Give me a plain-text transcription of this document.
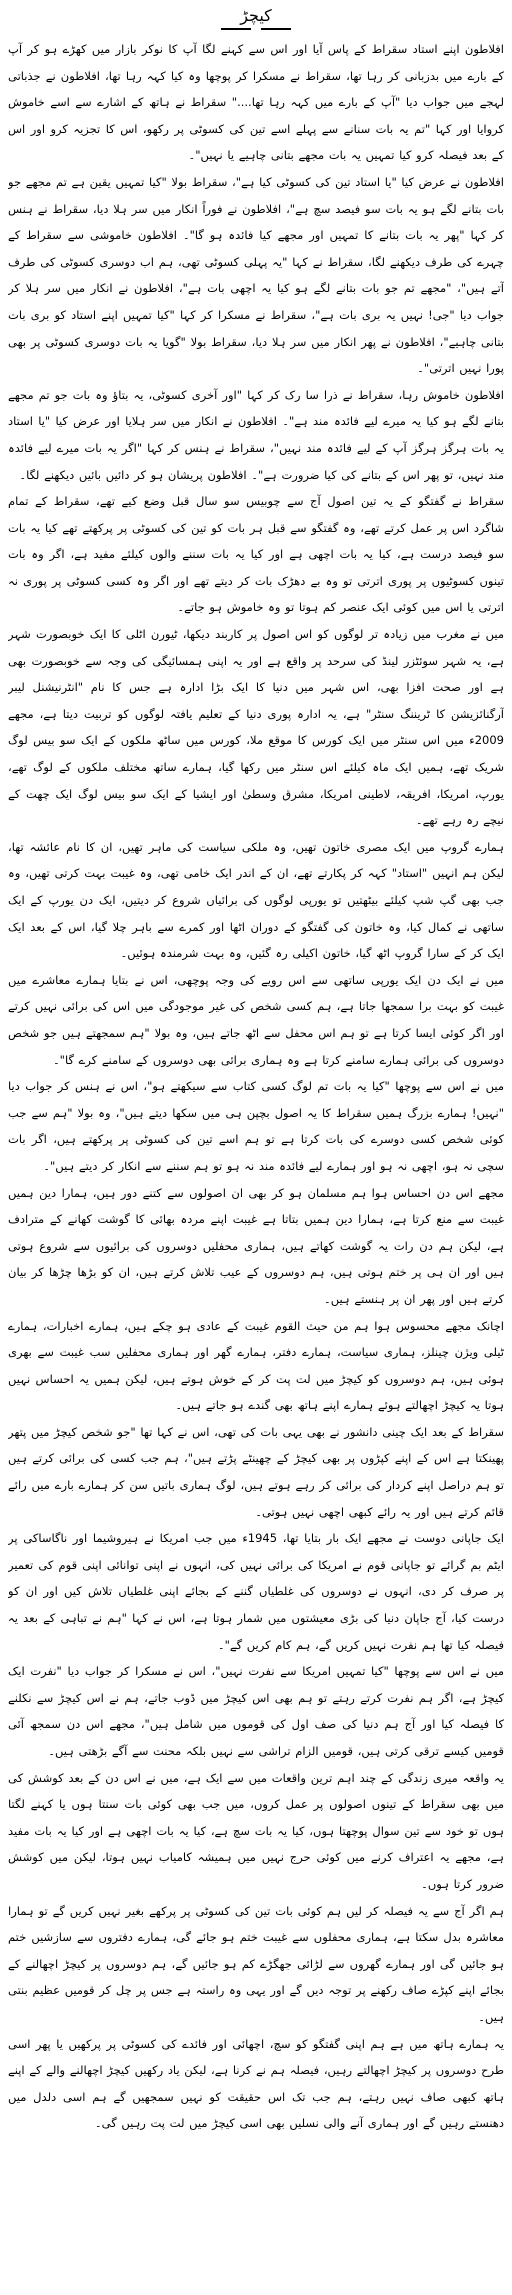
کیچڑ

افلاطون اپنے استاد سقراط کے پاس آیا اور اس سے کہنے لگا آپ کا نوکر بازار میں کھڑے ہو کر آپ کے بارے میں بدزبانی کر رہا تھا، سقراط نے مسکرا کر پوچھا وہ کیا کہہ رہا تھا، افلاطون نے جذباتی لہجے میں جواب دیا "آپ کے بارے میں کہہ رہا تھا...." سقراط نے ہاتھ کے اشارے سے اسے خاموش کروایا اور کہا "تم یہ بات سنانے سے پہلے اسے تین کی کسوٹی پر رکھو، اس کا تجزیہ کرو اور اس کے بعد فیصلہ کرو کیا تمہیں یہ بات مجھے بتانی چاہیے یا نہیں"۔

افلاطون نے عرض کیا "یا استاد تین کی کسوٹی کیا ہے"، سقراط بولا "کیا تمہیں یقین ہے تم مجھے جو بات بتانے لگے ہو یہ بات سو فیصد سچ ہے"، افلاطون نے فوراً انکار میں سر ہلا دیا، سقراط نے ہنس کر کہا "پھر یہ بات بتانے کا تمہیں اور مجھے کیا فائدہ ہو گا"۔ افلاطون خاموشی سے سقراط کے چہرے کی طرف دیکھنے لگا، سقراط نے کہا "یہ پہلی کسوٹی تھی، ہم اب دوسری کسوٹی کی طرف آتے ہیں"، "مجھے تم جو بات بتانے لگے ہو کیا یہ اچھی بات ہے"، افلاطون نے انکار میں سر ہلا کر جواب دیا "جی! نہیں یہ بری بات ہے"، سقراط نے مسکرا کر کہا "کیا تمہیں اپنے استاد کو بری بات بتانی چاہیے"، افلاطون نے پھر انکار میں سر ہلا دیا، سقراط بولا "گویا یہ بات دوسری کسوٹی پر بھی پورا نہیں اترتی"۔

افلاطون خاموش رہا، سقراط نے ذرا سا رک کر کہا "اور آخری کسوٹی، یہ بتاؤ وہ بات جو تم مجھے بتانے لگے ہو کیا یہ میرے لیے فائدہ مند ہے"۔ افلاطون نے انکار میں سر ہلایا اور عرض کیا "یا استاد یہ بات ہرگز ہرگز آپ کے لیے فائدہ مند نہیں"، سقراط نے ہنس کر کہا "اگر یہ بات میرے لیے فائدہ مند نہیں، تو پھر اس کے بتانے کی کیا ضرورت ہے"۔ افلاطون پریشان ہو کر دائیں بائیں دیکھنے لگا۔

سقراط نے گفتگو کے یہ تین اصول آج سے چوبیس سو سال قبل وضع کیے تھے، سقراط کے تمام شاگرد اس پر عمل کرتے تھے، وہ گفتگو سے قبل ہر بات کو تین کی کسوٹی پر پرکھتے تھے کیا یہ بات سو فیصد درست ہے، کیا یہ بات اچھی ہے اور کیا یہ بات سننے والوں کیلئے مفید ہے، اگر وہ بات تینوں کسوٹیوں پر پوری اترتی تو وہ بے دھڑک بات کر دیتے تھے اور اگر وہ کسی کسوٹی پر پوری نہ اترتی یا اس میں کوئی ایک عنصر کم ہوتا تو وہ خاموش ہو جاتے۔

میں نے مغرب میں زیادہ تر لوگوں کو اس اصول پر کاربند دیکھا، ٹیورن اٹلی کا ایک خوبصورت شہر ہے، یہ شہر سوئٹزر لینڈ کی سرحد پر واقع ہے اور یہ اپنی ہمسائیگی کی وجہ سے خوبصورت بھی ہے اور صحت افزا بھی، اس شہر میں دنیا کا ایک بڑا ادارہ ہے جس کا نام "انٹرنیشنل لیبر آرگنائزیشن کا ٹریننگ سنٹر" ہے، یہ ادارہ پوری دنیا کے تعلیم یافتہ لوگوں کو تربیت دیتا ہے، مجھے 2009ء میں اس سنٹر میں ایک کورس کا موقع ملا، کورس میں ساٹھ ملکوں کے ایک سو بیس لوگ شریک تھے، ہمیں ایک ماہ کیلئے اس سنٹر میں رکھا گیا، ہمارے ساتھ مختلف ملکوں کے لوگ تھے، یورپ، امریکا، افریقہ، لاطینی امریکا، مشرق وسطیٰ اور ایشیا کے ایک سو بیس لوگ ایک چھت کے نیچے رہ رہے تھے۔

ہمارے گروپ میں ایک مصری خاتون تھیں، وہ ملکی سیاست کی ماہر تھیں، ان کا نام عائشہ تھا، لیکن ہم انہیں "استاد" کہہ کر پکارتے تھے، ان کے اندر ایک خامی تھی، وہ غیبت بہت کرتی تھیں، وہ جب بھی گپ شپ کیلئے بیٹھتیں تو یورپی لوگوں کی برائیاں شروع کر دیتیں، ایک دن یورپ کے ایک ساتھی نے کمال کیا، وہ خاتون کی گفتگو کے دوران اٹھا اور کمرے سے باہر چلا گیا، اس کے بعد ایک ایک کر کے سارا گروپ اٹھ گیا، خاتون اکیلی رہ گئیں، وہ بہت شرمندہ ہوئیں۔

میں نے ایک دن ایک یورپی ساتھی سے اس رویے کی وجہ پوچھی، اس نے بتایا ہمارے معاشرے میں غیبت کو بہت برا سمجھا جاتا ہے، ہم کسی شخص کی غیر موجودگی میں اس کی برائی نہیں کرتے اور اگر کوئی ایسا کرتا ہے تو ہم اس محفل سے اٹھ جاتے ہیں، وہ بولا "ہم سمجھتے ہیں جو شخص دوسروں کی برائی ہمارے سامنے کرتا ہے وہ ہماری برائی بھی دوسروں کے سامنے کرے گا"۔

میں نے اس سے پوچھا "کیا یہ بات تم لوگ کسی کتاب سے سیکھتے ہو"، اس نے ہنس کر جواب دیا "نہیں! ہمارے بزرگ ہمیں سقراط کا یہ اصول بچپن ہی میں سکھا دیتے ہیں"، وہ بولا "ہم سے جب کوئی شخص کسی دوسرے کی بات کرتا ہے تو ہم اسے تین کی کسوٹی پر پرکھتے ہیں، اگر بات سچی نہ ہو، اچھی نہ ہو اور ہمارے لیے فائدہ مند نہ ہو تو ہم سننے سے انکار کر دیتے ہیں"۔

مجھے اس دن احساس ہوا ہم مسلمان ہو کر بھی ان اصولوں سے کتنے دور ہیں، ہمارا دین ہمیں غیبت سے منع کرتا ہے، ہمارا دین ہمیں بتاتا ہے غیبت اپنے مردہ بھائی کا گوشت کھانے کے مترادف ہے، لیکن ہم دن رات یہ گوشت کھاتے ہیں، ہماری محفلیں دوسروں کی برائیوں سے شروع ہوتی ہیں اور ان ہی پر ختم ہوتی ہیں، ہم دوسروں کے عیب تلاش کرتے ہیں، ان کو بڑھا چڑھا کر بیان کرتے ہیں اور پھر ان پر ہنستے ہیں۔

اچانک مجھے محسوس ہوا ہم من حیث القوم غیبت کے عادی ہو چکے ہیں، ہمارے اخبارات، ہمارے ٹیلی ویژن چینلز، ہماری سیاست، ہمارے دفتر، ہمارے گھر اور ہماری محفلیں سب غیبت سے بھری ہوئی ہیں، ہم دوسروں کو کیچڑ میں لت پت کر کے خوش ہوتے ہیں، لیکن ہمیں یہ احساس نہیں ہوتا یہ کیچڑ اچھالتے ہوئے ہمارے اپنے ہاتھ بھی گندے ہو جاتے ہیں۔

سقراط کے بعد ایک چینی دانشور نے بھی یہی بات کی تھی، اس نے کہا تھا "جو شخص کیچڑ میں پتھر پھینکتا ہے اس کے اپنے کپڑوں پر بھی کیچڑ کے چھینٹے پڑتے ہیں"، ہم جب کسی کی برائی کرتے ہیں تو ہم دراصل اپنے کردار کی برائی کر رہے ہوتے ہیں، لوگ ہماری باتیں سن کر ہمارے بارے میں رائے قائم کرتے ہیں اور یہ رائے کبھی اچھی نہیں ہوتی۔

ایک جاپانی دوست نے مجھے ایک بار بتایا تھا، 1945ء میں جب امریکا نے ہیروشیما اور ناگاساکی پر ایٹم بم گرائے تو جاپانی قوم نے امریکا کی برائی نہیں کی، انہوں نے اپنی توانائی اپنی قوم کی تعمیر پر صرف کر دی، انہوں نے دوسروں کی غلطیاں گننے کے بجائے اپنی غلطیاں تلاش کیں اور ان کو درست کیا، آج جاپان دنیا کی بڑی معیشتوں میں شمار ہوتا ہے، اس نے کہا "ہم نے تباہی کے بعد یہ فیصلہ کیا تھا ہم نفرت نہیں کریں گے، ہم کام کریں گے"۔

میں نے اس سے پوچھا "کیا تمہیں امریکا سے نفرت نہیں"، اس نے مسکرا کر جواب دیا "نفرت ایک کیچڑ ہے، اگر ہم نفرت کرتے رہتے تو ہم بھی اس کیچڑ میں ڈوب جاتے، ہم نے اس کیچڑ سے نکلنے کا فیصلہ کیا اور آج ہم دنیا کی صف اول کی قوموں میں شامل ہیں"، مجھے اس دن سمجھ آئی قومیں کیسے ترقی کرتی ہیں، قومیں الزام تراشی سے نہیں بلکہ محنت سے آگے بڑھتی ہیں۔

یہ واقعہ میری زندگی کے چند اہم ترین واقعات میں سے ایک ہے، میں نے اس دن کے بعد کوشش کی میں بھی سقراط کے تینوں اصولوں پر عمل کروں، میں جب بھی کوئی بات سنتا ہوں یا کہنے لگتا ہوں تو خود سے تین سوال پوچھتا ہوں، کیا یہ بات سچ ہے، کیا یہ بات اچھی ہے اور کیا یہ بات مفید ہے، مجھے یہ اعتراف کرنے میں کوئی حرج نہیں میں ہمیشہ کامیاب نہیں ہوتا، لیکن میں کوشش ضرور کرتا ہوں۔

ہم اگر آج سے یہ فیصلہ کر لیں ہم کوئی بات تین کی کسوٹی پر پرکھے بغیر نہیں کریں گے تو ہمارا معاشرہ بدل سکتا ہے، ہماری محفلوں سے غیبت ختم ہو جائے گی، ہمارے دفتروں سے سازشیں ختم ہو جائیں گی اور ہمارے گھروں سے لڑائی جھگڑے کم ہو جائیں گے، ہم دوسروں پر کیچڑ اچھالنے کے بجائے اپنے کپڑے صاف رکھنے پر توجہ دیں گے اور یہی وہ راستہ ہے جس پر چل کر قومیں عظیم بنتی ہیں۔

یہ ہمارے ہاتھ میں ہے ہم اپنی گفتگو کو سچ، اچھائی اور فائدے کی کسوٹی پر پرکھیں یا پھر اسی طرح دوسروں پر کیچڑ اچھالتے رہیں، فیصلہ ہم نے کرنا ہے، لیکن یاد رکھیں کیچڑ اچھالنے والے کے اپنے ہاتھ کبھی صاف نہیں رہتے، ہم جب تک اس حقیقت کو نہیں سمجھیں گے ہم اسی دلدل میں دھنستے رہیں گے اور ہماری آنے والی نسلیں بھی اسی کیچڑ میں لت پت رہیں گی۔
